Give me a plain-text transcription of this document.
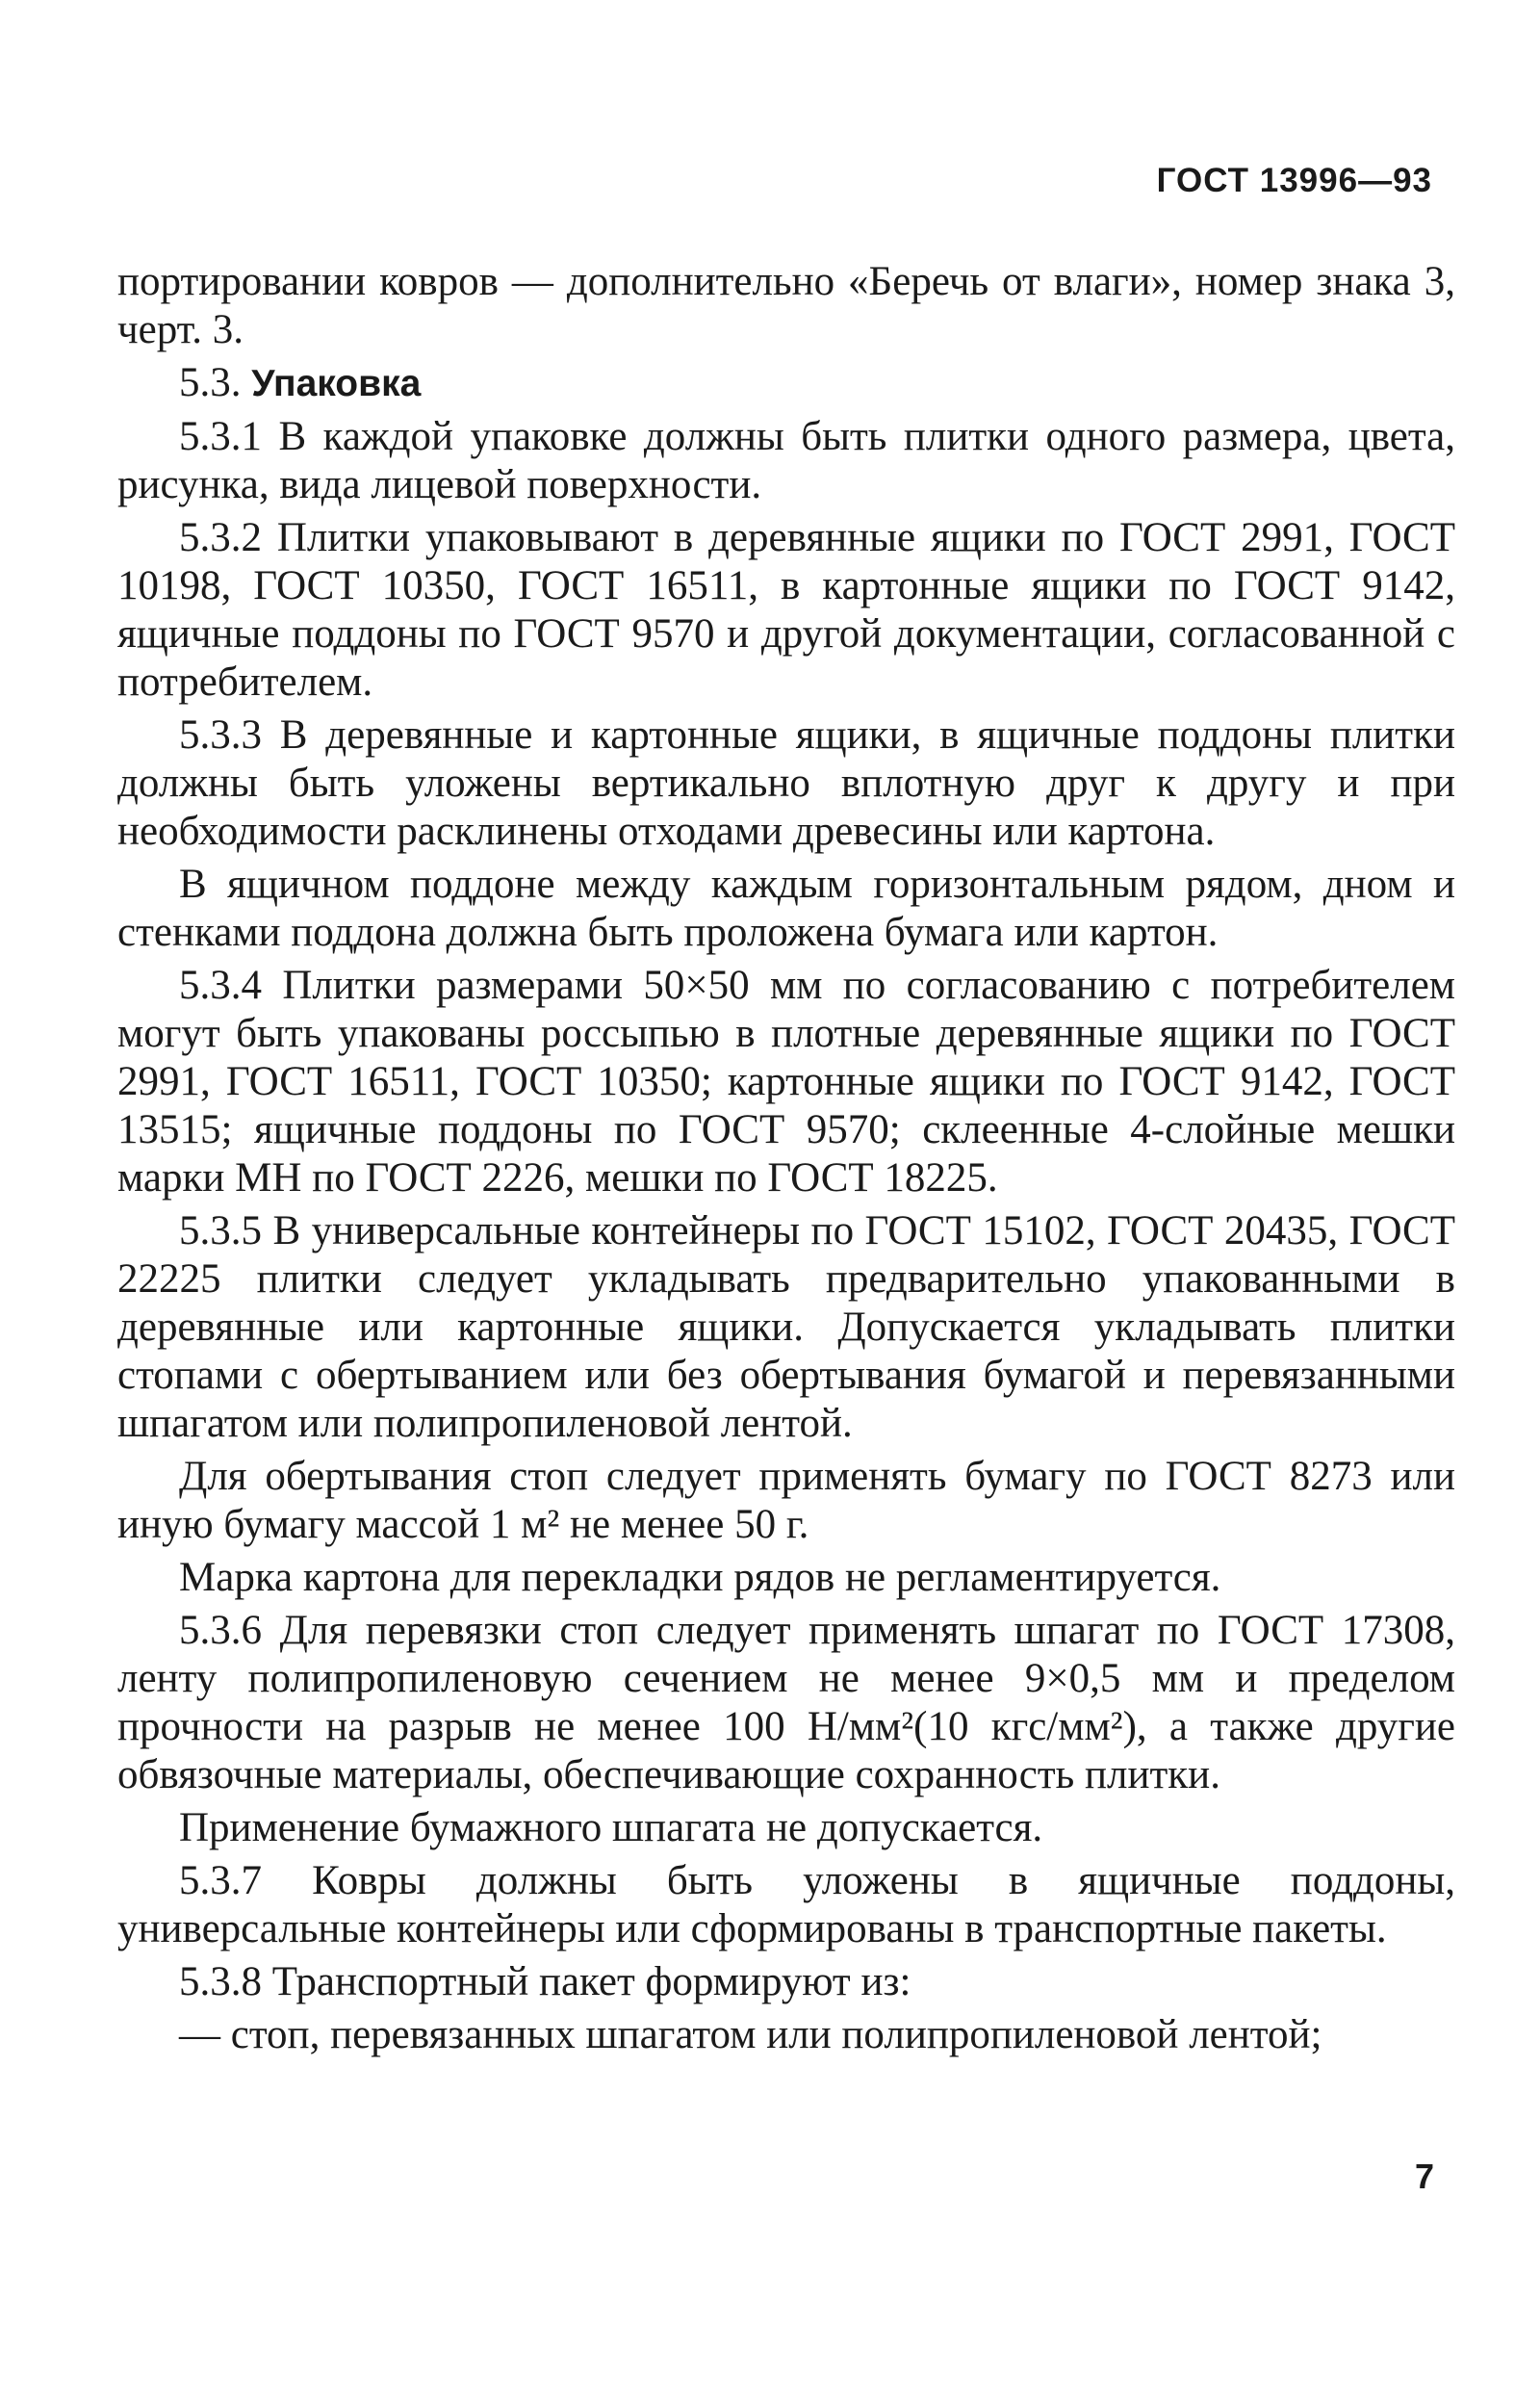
ГОСТ 13996—93

портировании ковров — дополнительно «Беречь от влаги», номер знака 3, черт. 3.

5.3. Упаковка

5.3.1 В каждой упаковке должны быть плитки одного размера, цвета, рисунка, вида лицевой поверхности.

5.3.2 Плитки упаковывают в деревянные ящики по ГОСТ 2991, ГОСТ 10198, ГОСТ 10350, ГОСТ 16511, в картонные ящики по ГОСТ 9142, ящичные поддоны по ГОСТ 9570 и другой документации, согласованной с потребителем.

5.3.3 В деревянные и картонные ящики, в ящичные поддоны плитки должны быть уложены вертикально вплотную друг к другу и при необходимости расклинены отходами древесины или картона.

В ящичном поддоне между каждым горизонтальным рядом, дном и стенками поддона должна быть проложена бумага или картон.

5.3.4 Плитки размерами 50×50 мм по согласованию с потребителем могут быть упакованы россыпью в плотные деревянные ящики по ГОСТ 2991, ГОСТ 16511, ГОСТ 10350; картонные ящики по ГОСТ 9142, ГОСТ 13515; ящичные поддоны по ГОСТ 9570; склеенные 4-слойные мешки марки МН по ГОСТ 2226, мешки по ГОСТ 18225.

5.3.5 В универсальные контейнеры по ГОСТ 15102, ГОСТ 20435, ГОСТ 22225 плитки следует укладывать предварительно упакованными в деревянные или картонные ящики. Допускается укладывать плитки стопами с обертыванием или без обертывания бумагой и перевязанными шпагатом или полипропиленовой лентой.

Для обертывания стоп следует применять бумагу по ГОСТ 8273 или иную бумагу массой 1 м² не менее 50 г.

Марка картона для перекладки рядов не регламентируется.

5.3.6 Для перевязки стоп следует применять шпагат по ГОСТ 17308, ленту полипропиленовую сечением не менее 9×0,5 мм и пределом прочности на разрыв не менее 100 Н/мм²(10 кгс/мм²), а также другие обвязочные материалы, обеспечивающие сохранность плитки.

Применение бумажного шпагата не допускается.

5.3.7 Ковры должны быть уложены в ящичные поддоны, универсальные контейнеры или сформированы в транспортные пакеты.

5.3.8 Транспортный пакет формируют из:

— стоп, перевязанных шпагатом или полипропиленовой лентой;

7
